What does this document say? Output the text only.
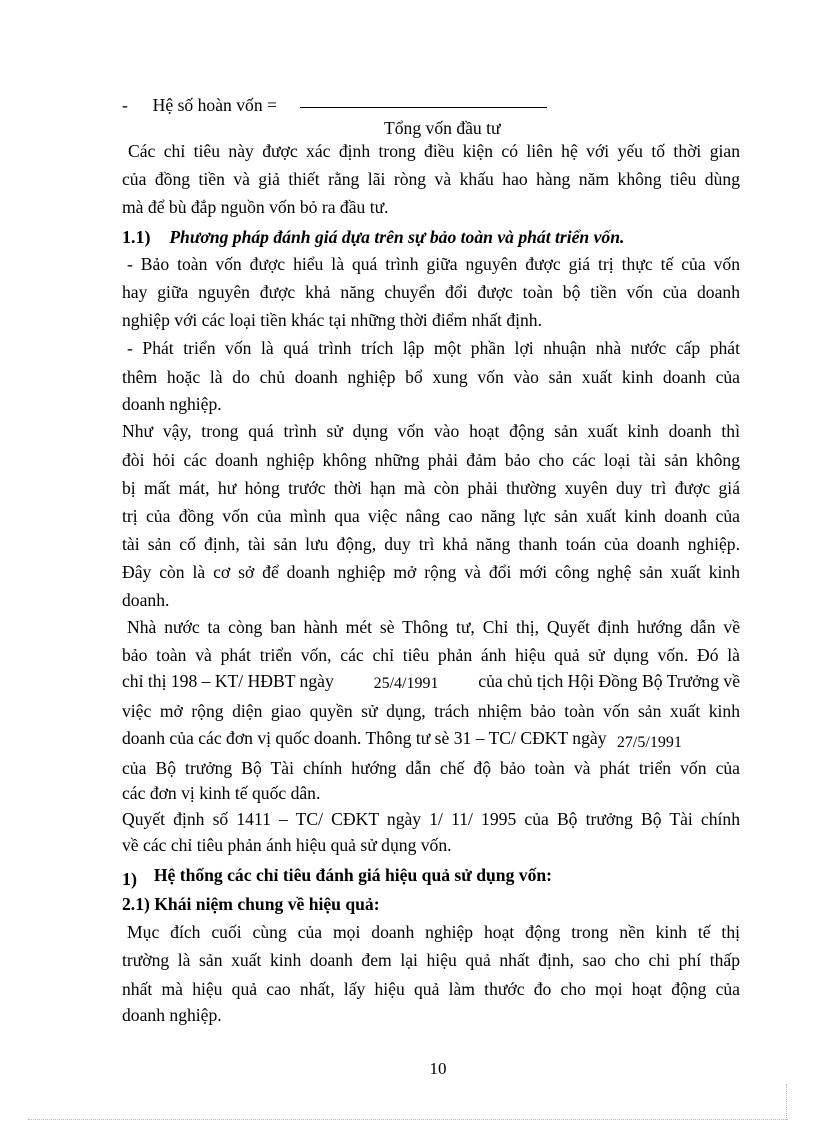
- Hệ số hoàn vốn =
Tổng vốn đầu tư
Các chỉ tiêu này được xác định trong điều kiện có liên hệ với yếu tố thời gian
của đồng tiền và giả thiết rằng lãi ròng và khấu hao hàng năm không tiêu dùng
mà để bù đắp nguồn vốn bỏ ra đầu tư.
1.1) Phương pháp đánh giá dựa trên sự bảo toàn và phát triển vốn.
- Bảo toàn vốn được hiểu là quá trình giữa nguyên được giá trị thực tế của vốn
hay giữa nguyên được khả năng chuyển đổi được toàn bộ tiền vốn của doanh
nghiệp với các loại tiền khác tại những thời điểm nhất định.
- Phát triển vốn là quá trình trích lập một phần lợi nhuận nhà nước cấp phát
thêm hoặc là do chủ doanh nghiệp bổ xung vốn vào sản xuất kinh doanh của
doanh nghiệp.
Như vậy, trong quá trình sử dụng vốn vào hoạt động sản xuất kinh doanh thì
đòi hỏi các doanh nghiệp không những phải đảm bảo cho các loại tài sản không
bị mất mát, hư hỏng trước thời hạn mà còn phải thường xuyên duy trì được giá
trị của đồng vốn của mình qua việc nâng cao năng lực sản xuất kinh doanh của
tài sản cố định, tài sản lưu động, duy trì khả năng thanh toán của doanh nghiệp.
Đây còn là cơ sở để doanh nghiệp mở rộng và đổi mới công nghệ sản xuất kinh
doanh.
Nhà nước ta còng ban hành mét sè Thông tư, Chỉ thị, Quyết định hướng dẫn về
bảo toàn và phát triển vốn, các chỉ tiêu phản ánh hiệu quả sử dụng vốn. Đó là
chỉ thị 198 – KT/ HĐBT ngày 25/4/1991 của chủ tịch Hội Đồng Bộ Trưởng về
việc mở rộng diện giao quyền sử dụng, trách nhiệm bảo toàn vốn sản xuất kinh
doanh của các đơn vị quốc doanh. Thông tư sè 31 – TC/ CĐKT ngày 27/5/1991
của Bộ trưởng Bộ Tài chính hướng dẫn chế độ bảo toàn và phát triển vốn của
các đơn vị kinh tế quốc dân.
Quyết định số 1411 – TC/ CĐKT ngày 1/ 11/ 1995 của Bộ trưởng Bộ Tài chính
về các chỉ tiêu phản ánh hiệu quả sử dụng vốn.
1) Hệ thống các chỉ tiêu đánh giá hiệu quả sử dụng vốn:
2.1) Khái niệm chung về hiệu quả:
Mục đích cuối cùng của mọi doanh nghiệp hoạt động trong nền kinh tế thị
trường là sản xuất kinh doanh đem lại hiệu quả nhất định, sao cho chi phí thấp
nhất mà hiệu quả cao nhất, lấy hiệu quả làm thước đo cho mọi hoạt động của
doanh nghiệp.
10
